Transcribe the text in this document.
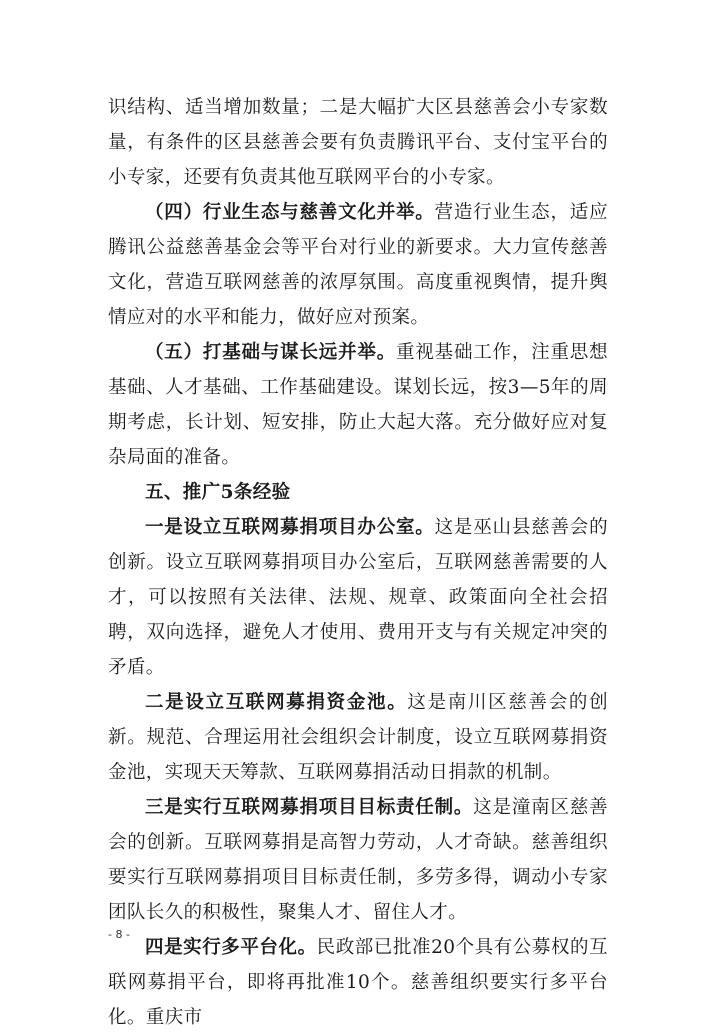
识结构、适当增加数量；二是大幅扩大区县慈善会小专家数量，有条件的区县慈善会要有负责腾讯平台、支付宝平台的小专家，还要有负责其他互联网平台的小专家。

（四）行业生态与慈善文化并举。营造行业生态，适应腾讯公益慈善基金会等平台对行业的新要求。大力宣传慈善文化，营造互联网慈善的浓厚氛围。高度重视舆情，提升舆情应对的水平和能力，做好应对预案。

（五）打基础与谋长远并举。重视基础工作，注重思想基础、人才基础、工作基础建设。谋划长远，按3—5年的周期考虑，长计划、短安排，防止大起大落。充分做好应对复杂局面的准备。

五、推广5条经验

一是设立互联网募捐项目办公室。这是巫山县慈善会的创新。设立互联网募捐项目办公室后，互联网慈善需要的人才，可以按照有关法律、法规、规章、政策面向全社会招聘，双向选择，避免人才使用、费用开支与有关规定冲突的矛盾。

二是设立互联网募捐资金池。这是南川区慈善会的创新。规范、合理运用社会组织会计制度，设立互联网募捐资金池，实现天天筹款、互联网募捐活动日捐款的机制。

三是实行互联网募捐项目目标责任制。这是潼南区慈善会的创新。互联网募捐是高智力劳动，人才奇缺。慈善组织要实行互联网募捐项目目标责任制，多劳多得，调动小专家团队长久的积极性，聚集人才、留住人才。

四是实行多平台化。民政部已批准20个具有公募权的互联网募捐平台，即将再批准10个。慈善组织要实行多平台化。重庆市

- 8 -
